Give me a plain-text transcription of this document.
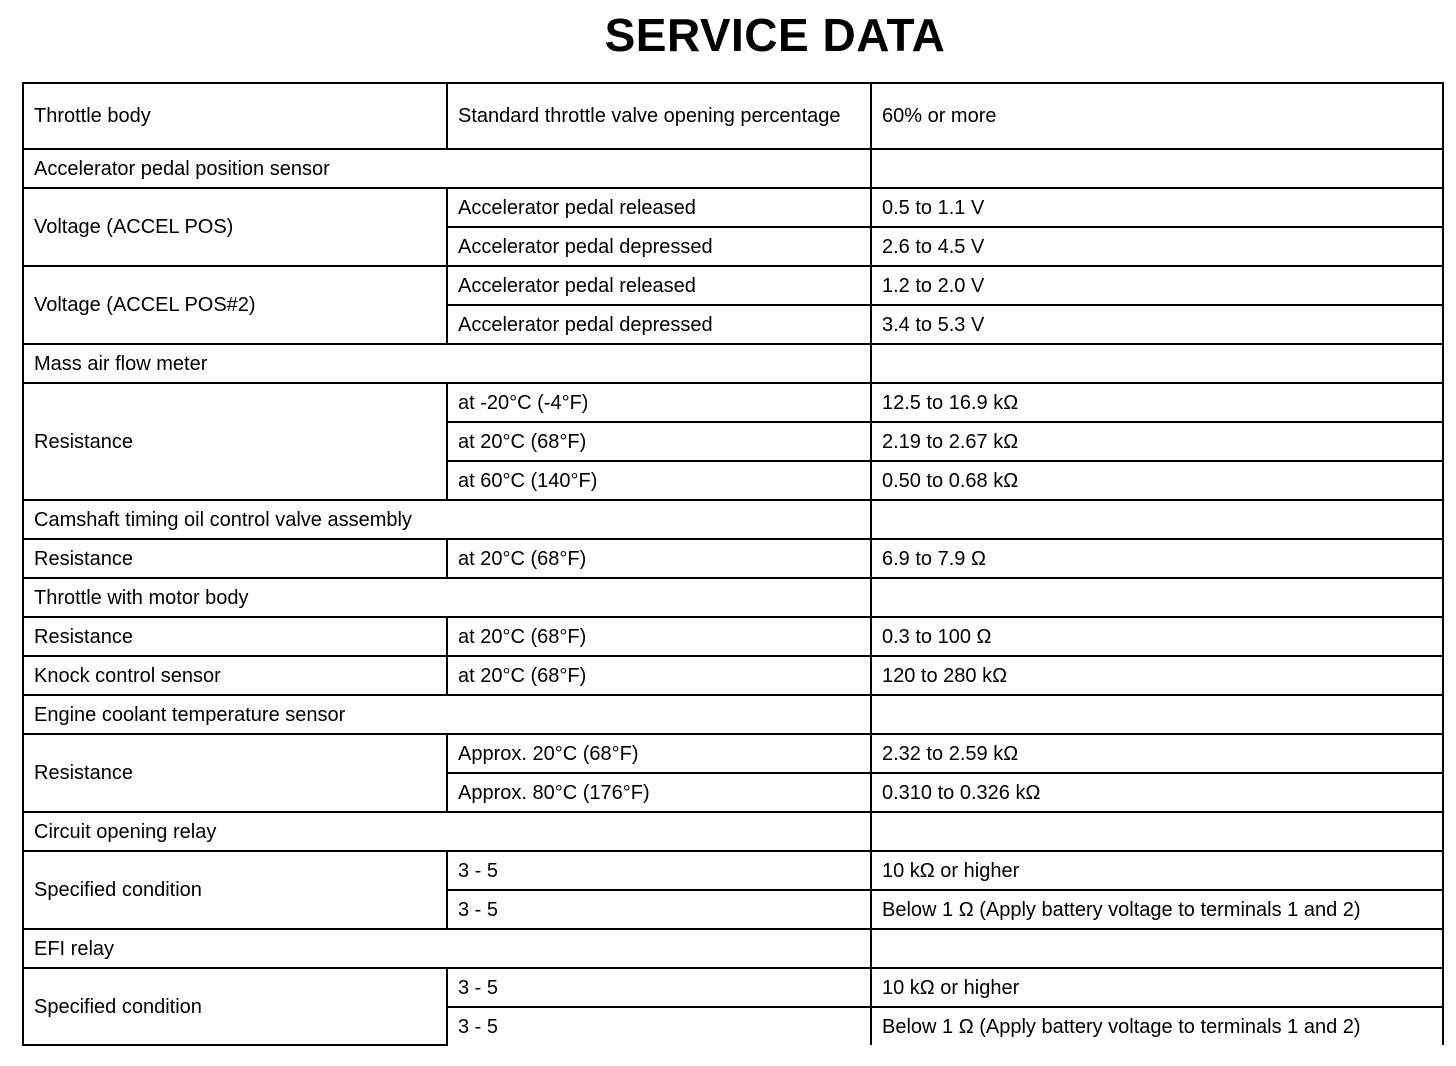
SERVICE DATA
Throttle body	Standard throttle valve opening percentage	60% or more
Accelerator pedal position sensor		
Voltage (ACCEL POS)	Accelerator pedal released	0.5 to 1.1 V
	Accelerator pedal depressed	2.6 to 4.5 V
Voltage (ACCEL POS#2)	Accelerator pedal released	1.2 to 2.0 V
	Accelerator pedal depressed	3.4 to 5.3 V
Mass air flow meter		
Resistance	at -20°C (-4°F)	12.5 to 16.9 kΩ
	at 20°C (68°F)	2.19 to 2.67 kΩ
	at 60°C (140°F)	0.50 to 0.68 kΩ
Camshaft timing oil control valve assembly		
Resistance	at 20°C (68°F)	6.9 to 7.9 Ω
Throttle with motor body		
Resistance	at 20°C (68°F)	0.3 to 100 Ω
Knock control sensor	at 20°C (68°F)	120 to 280 kΩ
Engine coolant temperature sensor		
Resistance	Approx. 20°C (68°F)	2.32 to 2.59 kΩ
	Approx. 80°C (176°F)	0.310 to 0.326 kΩ
Circuit opening relay		
Specified condition	3 - 5	10 kΩ or higher
	3 - 5	Below 1 Ω (Apply battery voltage to terminals 1 and 2)
EFI relay		
Specified condition	3 - 5	10 kΩ or higher
	3 - 5	Below 1 Ω (Apply battery voltage to terminals 1 and 2)
